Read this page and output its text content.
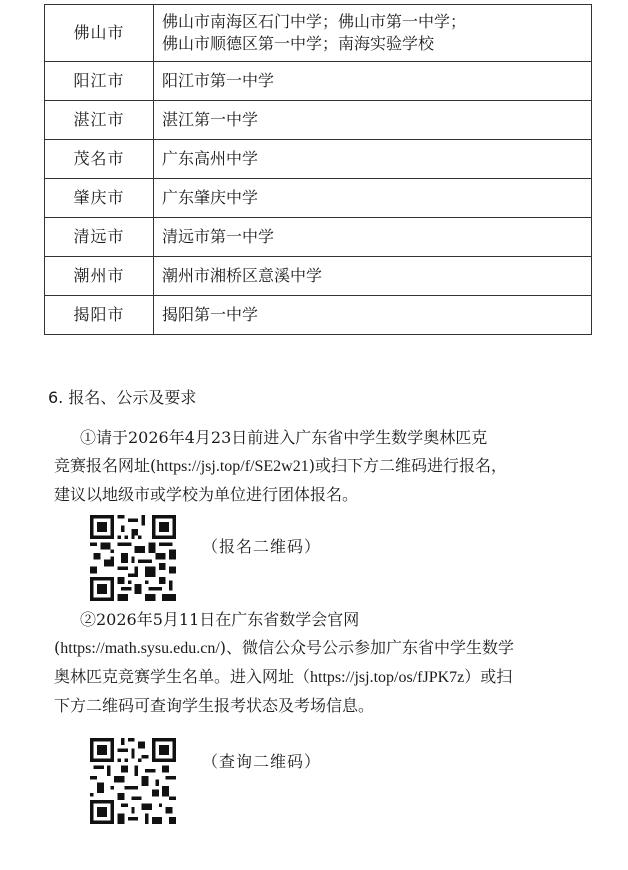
佛山市	佛山市南海区石门中学；佛山市第一中学；
佛山市顺德区第一中学；南海实验学校

阳江市	阳江市第一中学
湛江市	湛江第一中学
茂名市	广东高州中学
肇庆市	广东肇庆中学
清远市	清远市第一中学
潮州市	潮州市湘桥区意溪中学
揭阳市	揭阳第一中学
6. 报名、公示及要求

①请于2026年4月23日前进入广东省中学生数学奥林匹克
竞赛报名网址(https://jsj.top/f/SE2w21)或扫下方二维码进行报名，
建议以地级市或学校为单位进行团体报名。

（报名二维码）

②2026年5月11日在广东省数学会官网
(https://math.sysu.edu.cn/)、微信公众号公示参加广东省中学生数学
奥林匹克竞赛学生名单。进入网址（https://jsj.top/os/fJPK7z）或扫
下方二维码可查询学生报考状态及考场信息。

（查询二维码）
